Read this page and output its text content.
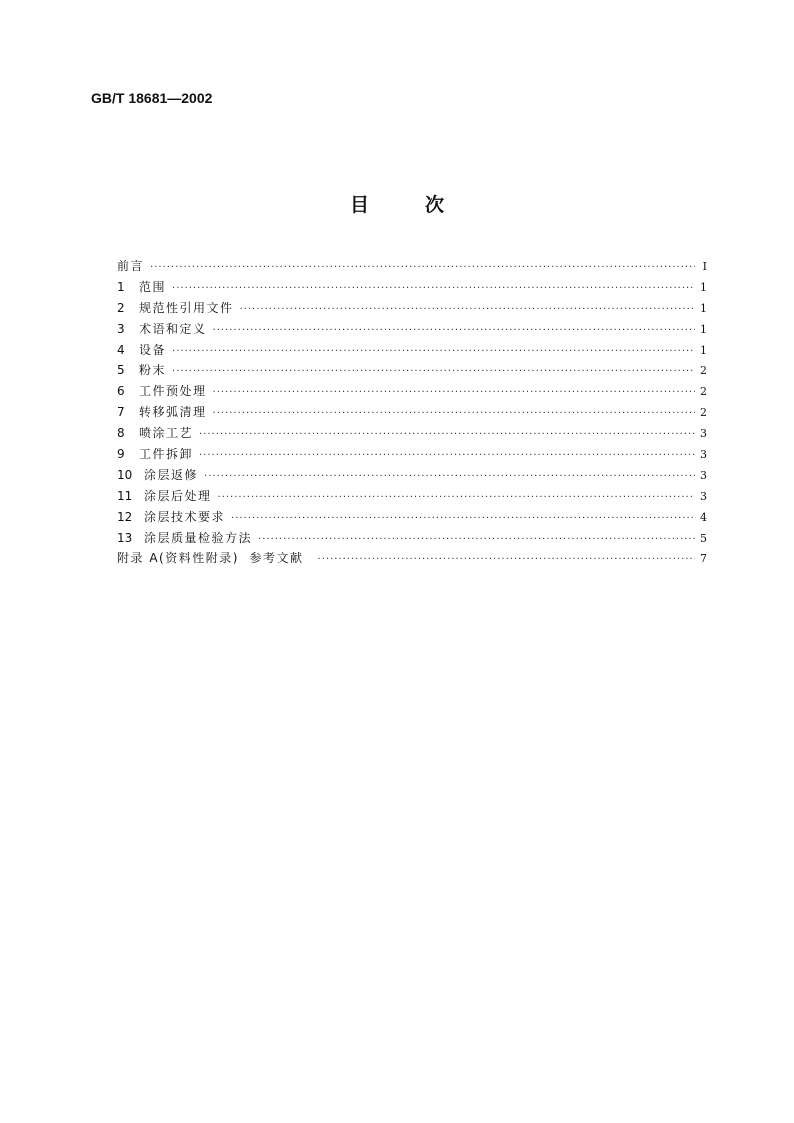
GB/T 18681—2002
目	次
前言 ·····	I
1	范围 ·····	1
2	规范性引用文件 ·····	1
3	术语和定义 ·····	1
4	设备 ·····	1
5	粉末 ·····	2
6	工件预处理 ·····	2
7	转移弧清理 ·····	2
8	喷涂工艺 ·····	3
9	工件拆卸 ·····	3
10 涂层返修 ·····	3
11 涂层后处理 ·····	3
12 涂层技术要求 ·····	4
13 涂层质量检验方法 ·····	5
附录 A(资料性附录)  参考文献 ·····	7
